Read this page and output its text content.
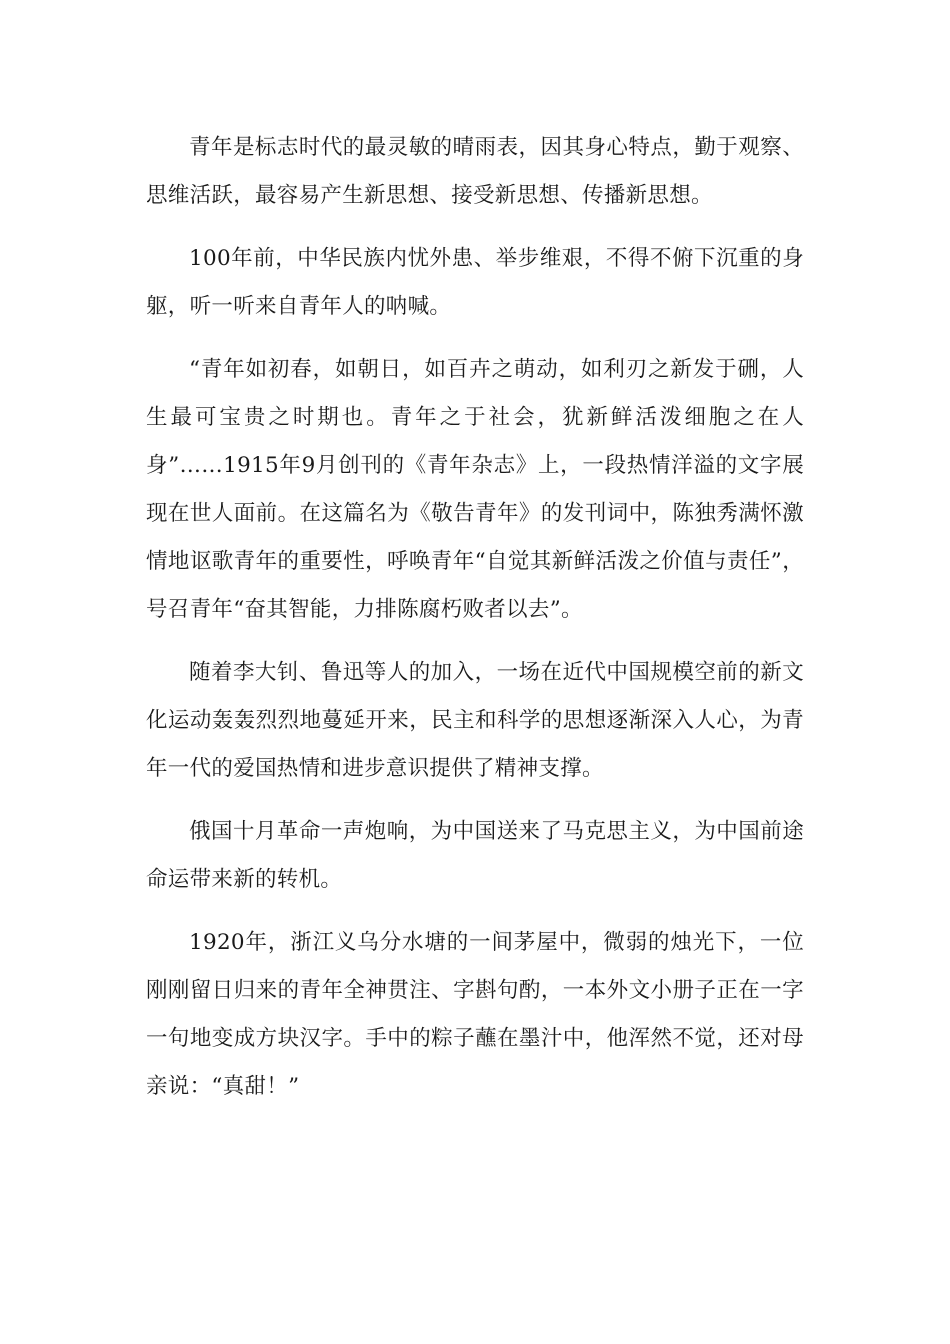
青年是标志时代的最灵敏的晴雨表，因其身心特点，勤于观察、思维活跃，最容易产生新思想、接受新思想、传播新思想。

100年前，中华民族内忧外患、举步维艰，不得不俯下沉重的身躯，听一听来自青年人的呐喊。

“青年如初春，如朝日，如百卉之萌动，如利刃之新发于硎，人生最可宝贵之时期也。青年之于社会，犹新鲜活泼细胞之在人身”……1915年9月创刊的《青年杂志》上，一段热情洋溢的文字展现在世人面前。在这篇名为《敬告青年》的发刊词中，陈独秀满怀激情地讴歌青年的重要性，呼唤青年“自觉其新鲜活泼之价值与责任”，号召青年“奋其智能，力排陈腐朽败者以去”。

随着李大钊、鲁迅等人的加入，一场在近代中国规模空前的新文化运动轰轰烈烈地蔓延开来，民主和科学的思想逐渐深入人心，为青年一代的爱国热情和进步意识提供了精神支撑。

俄国十月革命一声炮响，为中国送来了马克思主义，为中国前途命运带来新的转机。

1920年，浙江义乌分水塘的一间茅屋中，微弱的烛光下，一位刚刚留日归来的青年全神贯注、字斟句酌，一本外文小册子正在一字一句地变成方块汉字。手中的粽子蘸在墨汁中，他浑然不觉，还对母亲说：“真甜！”
